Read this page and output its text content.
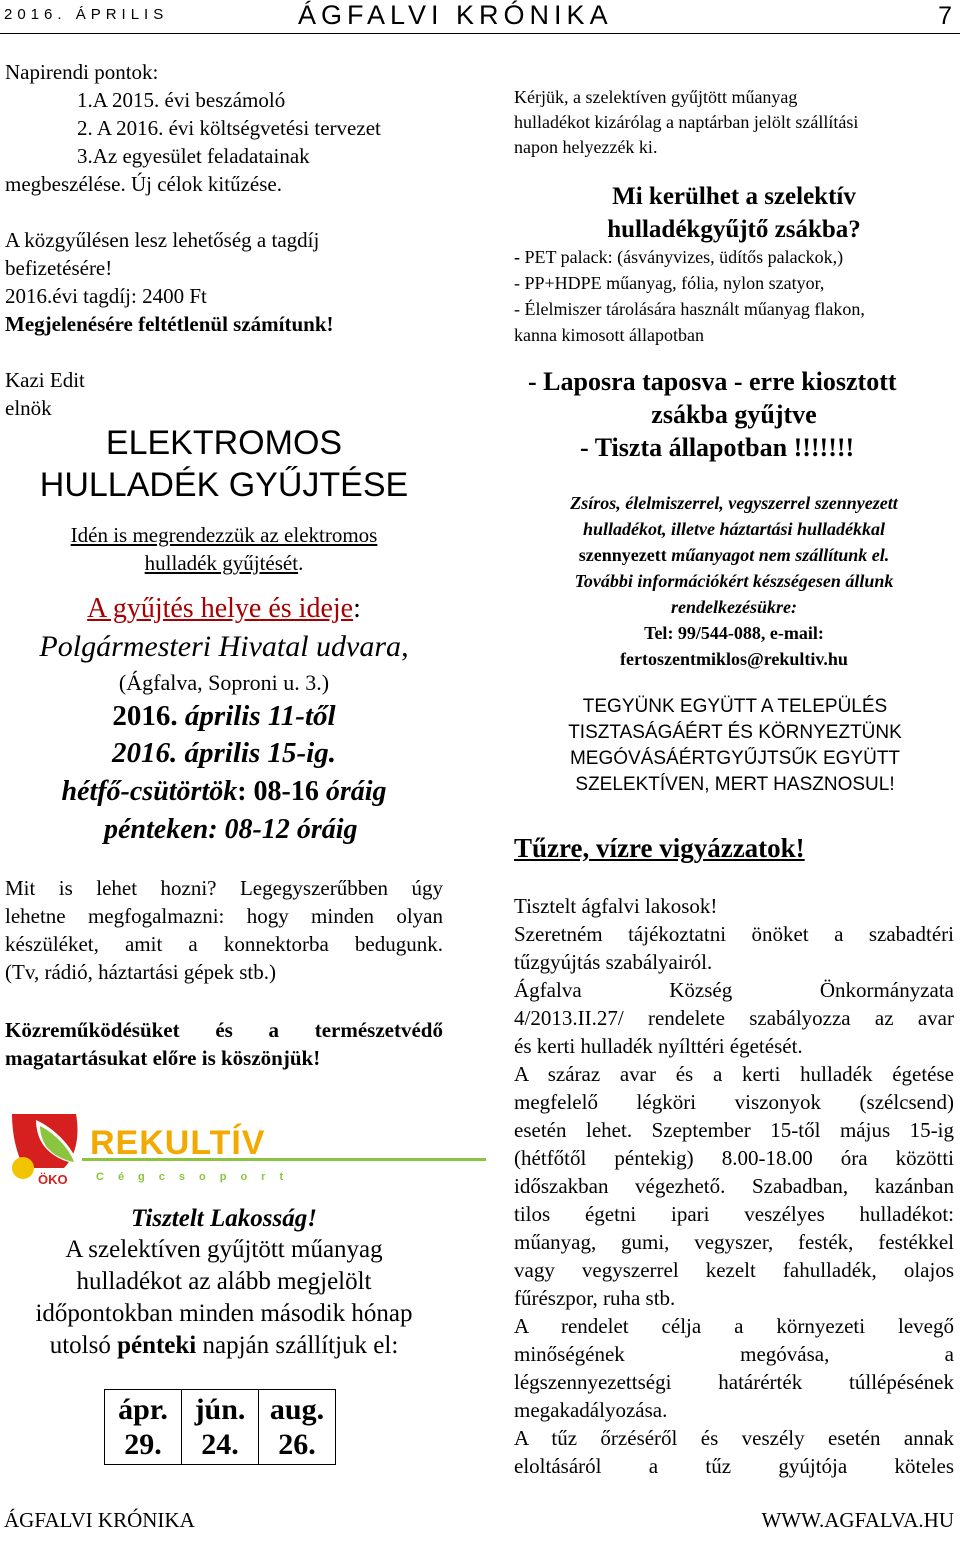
2016. ÁPRILIS	ÁGFALVI KRÓNIKA	7
Napirendi pontok:
1.A 2015. évi beszámoló
2. A 2016. évi költségvetési tervezet
3.Az egyesület feladatainak
megbeszélése. Új célok kitűzése.
A közgyűlésen lesz lehetőség a tagdíj
befizetésére!
2016.évi tagdíj: 2400 Ft
Megjelenésére feltétlenül számítunk!
Kazi Edit
elnök
ELEKTROMOS
HULLADÉK GYŰJTÉSE
Idén is megrendezzük az elektromos
hulladék gyűjtését.
A gyűjtés helye és ideje:
Polgármesteri Hivatal udvara,
(Ágfalva, Soproni u. 3.)
2016. április 11-től
2016. április 15-ig.
hétfő-csütörtök: 08-16 óráig
pénteken: 08-12 óráig
Mit is lehet hozni? Legegyszerűbben úgy
lehetne megfogalmazni: hogy minden olyan
készüléket, amit a konnektorba bedugunk.
(Tv, rádió, háztartási gépek stb.)
Közreműködésüket és a természetvédő
magatartásukat előre is köszönjük!
REKULTÍV
Cégcsoport
ÖKO
Tisztelt Lakosság!
A szelektíven gyűjtött műanyag
hulladékot az alább megjelölt
időpontokban minden második hónap
utolsó pénteki napján szállítjuk el:
ápr.
29.

jún.
24.

aug.
26.
Kérjük, a szelektíven gyűjtött műanyag
hulladékot kizárólag a naptárban jelölt szállítási
napon helyezzék ki.
Mi kerülhet a szelektív
hulladékgyűjtő zsákba?
- PET palack: (ásványvizes, üdítős palackok,)
- PP+HDPE műanyag, fólia, nylon szatyor,
- Élelmiszer tárolására használt műanyag flakon,
kanna kimosott állapotban
- Laposra taposva - erre kiosztott
zsákba gyűjtve
- Tiszta állapotban !!!!!!!
Zsíros, élelmiszerrel, vegyszerrel szennyezett
hulladékot, illetve háztartási hulladékkal
szennyezett műanyagot nem szállítunk el.
További információkért készségesen állunk
rendelkezésükre:
Tel: 99/544-088, e-mail:
fertoszentmiklos@rekultiv.hu
TEGYÜNK EGYÜTT A TELEPÜLÉS
TISZTASÁGÁÉRT ÉS KÖRNYEZTÜNK
MEGÓVÁSÁÉRTGYŰJTSŰK EGYÜTT
SZELEKTÍVEN, MERT HASZNOSUL!
Tűzre, vízre vigyázzatok!
Tisztelt ágfalvi lakosok!
Szeretném tájékoztatni önöket a szabadtéri
tűzgyújtás szabályairól.
Ágfalva Község Önkormányzata
4/2013.II.27/ rendelete szabályozza az avar
és kerti hulladék nyílttéri égetését.
A száraz avar és a kerti hulladék égetése
megfelelő légköri viszonyok (szélcsend)
esetén lehet. Szeptember 15-től május 15-ig
(hétfőtől péntekig) 8.00-18.00 óra közötti
időszakban végezhető. Szabadban, kazánban
tilos égetni ipari veszélyes hulladékot:
műanyag, gumi, vegyszer, festék, festékkel
vagy vegyszerrel kezelt fahulladék, olajos
fűrészpor, ruha stb.
A rendelet célja a környezeti levegő
minőségének megóvása, a
légszennyezettségi határérték túllépésének
megakadályozása.
A tűz őrzéséről és veszély esetén annak
eloltásáról a tűz gyújtója köteles
ÁGFALVI KRÓNIKA	WWW.AGFALVA.HU
